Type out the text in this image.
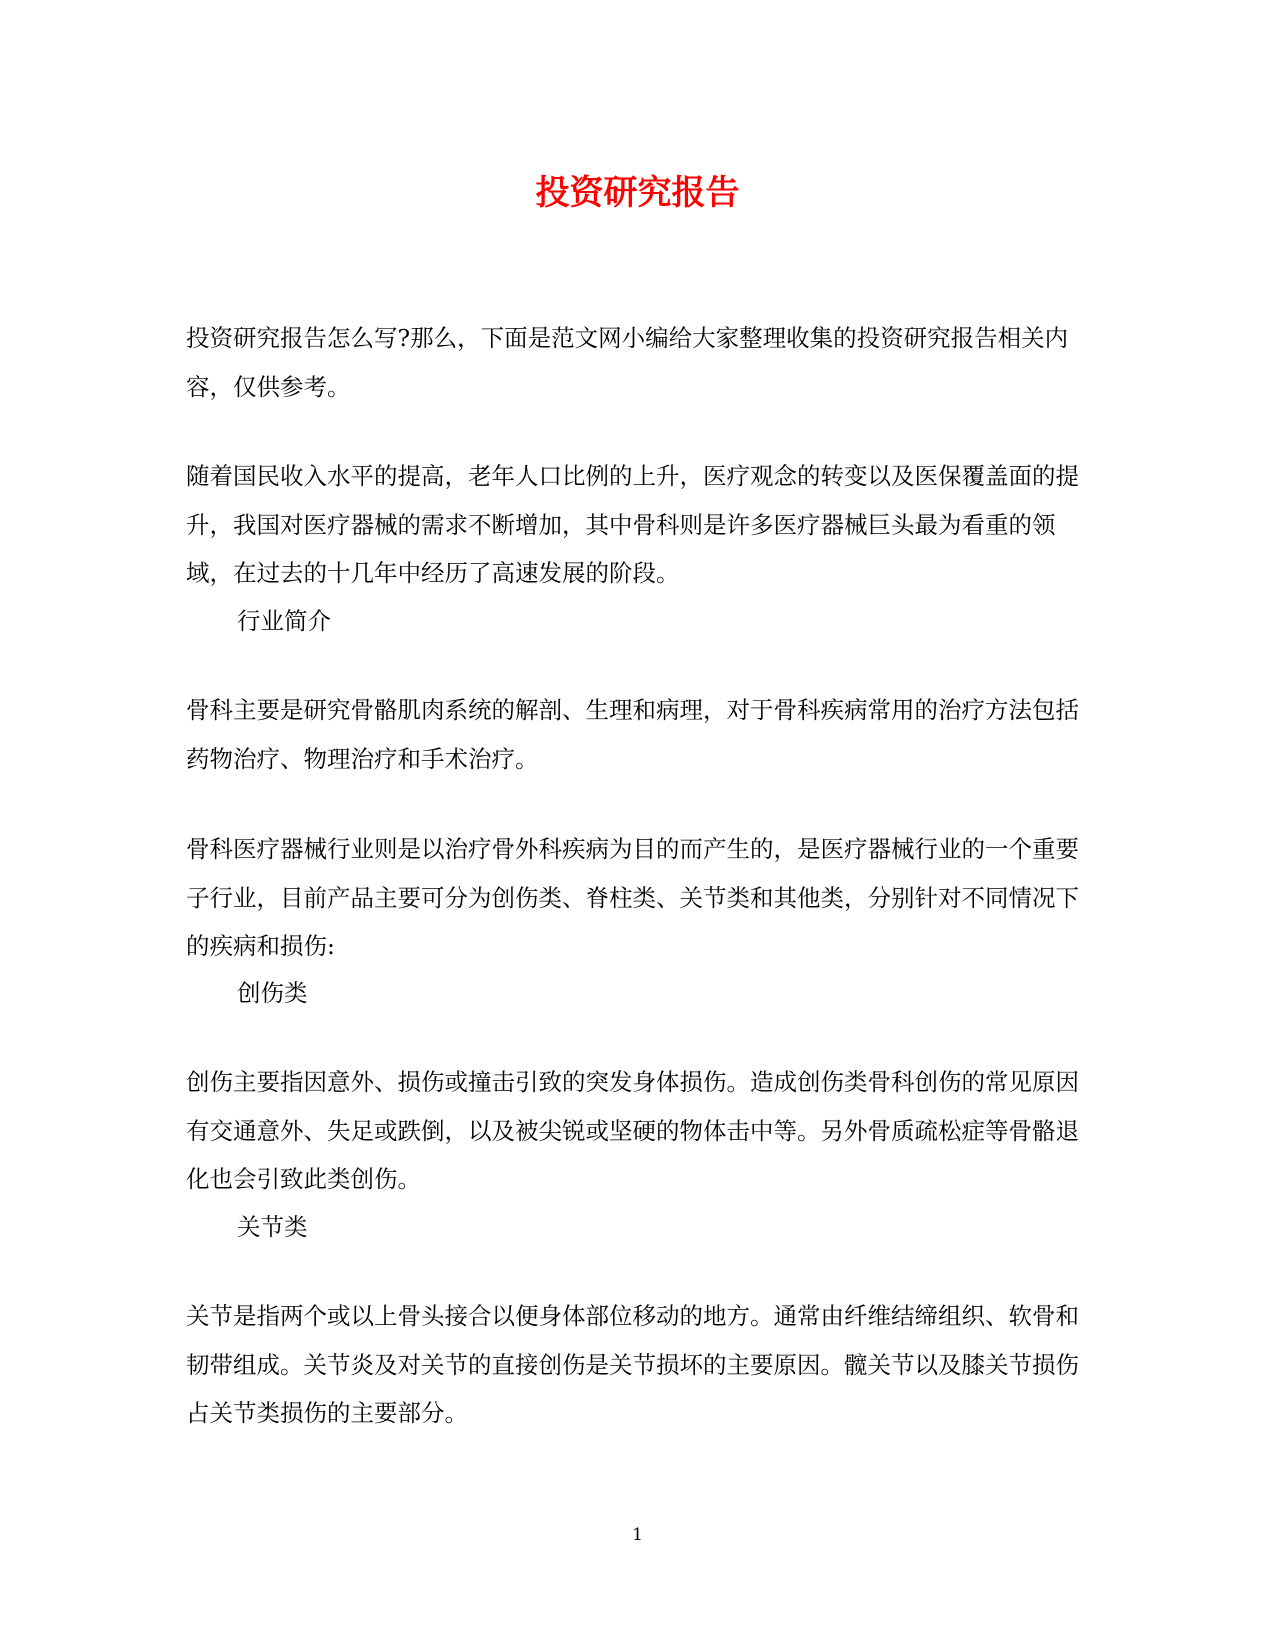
投资研究报告

投资研究报告怎么写?那么，下面是范文网小编给大家整理收集的投资研究报告相关内容，仅供参考。

随着国民收入水平的提高，老年人口比例的上升，医疗观念的转变以及医保覆盖面的提升，我国对医疗器械的需求不断增加，其中骨科则是许多医疗器械巨头最为看重的领域，在过去的十几年中经历了高速发展的阶段。

行业简介

骨科主要是研究骨骼肌肉系统的解剖、生理和病理，对于骨科疾病常用的治疗方法包括药物治疗、物理治疗和手术治疗。

骨科医疗器械行业则是以治疗骨外科疾病为目的而产生的，是医疗器械行业的一个重要子行业，目前产品主要可分为创伤类、脊柱类、关节类和其他类，分别针对不同情况下的疾病和损伤:

创伤类

创伤主要指因意外、损伤或撞击引致的突发身体损伤。造成创伤类骨科创伤的常见原因有交通意外、失足或跌倒，以及被尖锐或坚硬的物体击中等。另外骨质疏松症等骨骼退化也会引致此类创伤。

关节类

关节是指两个或以上骨头接合以便身体部位移动的地方。通常由纤维结缔组织、软骨和韧带组成。关节炎及对关节的直接创伤是关节损坏的主要原因。髋关节以及膝关节损伤占关节类损伤的主要部分。

1
